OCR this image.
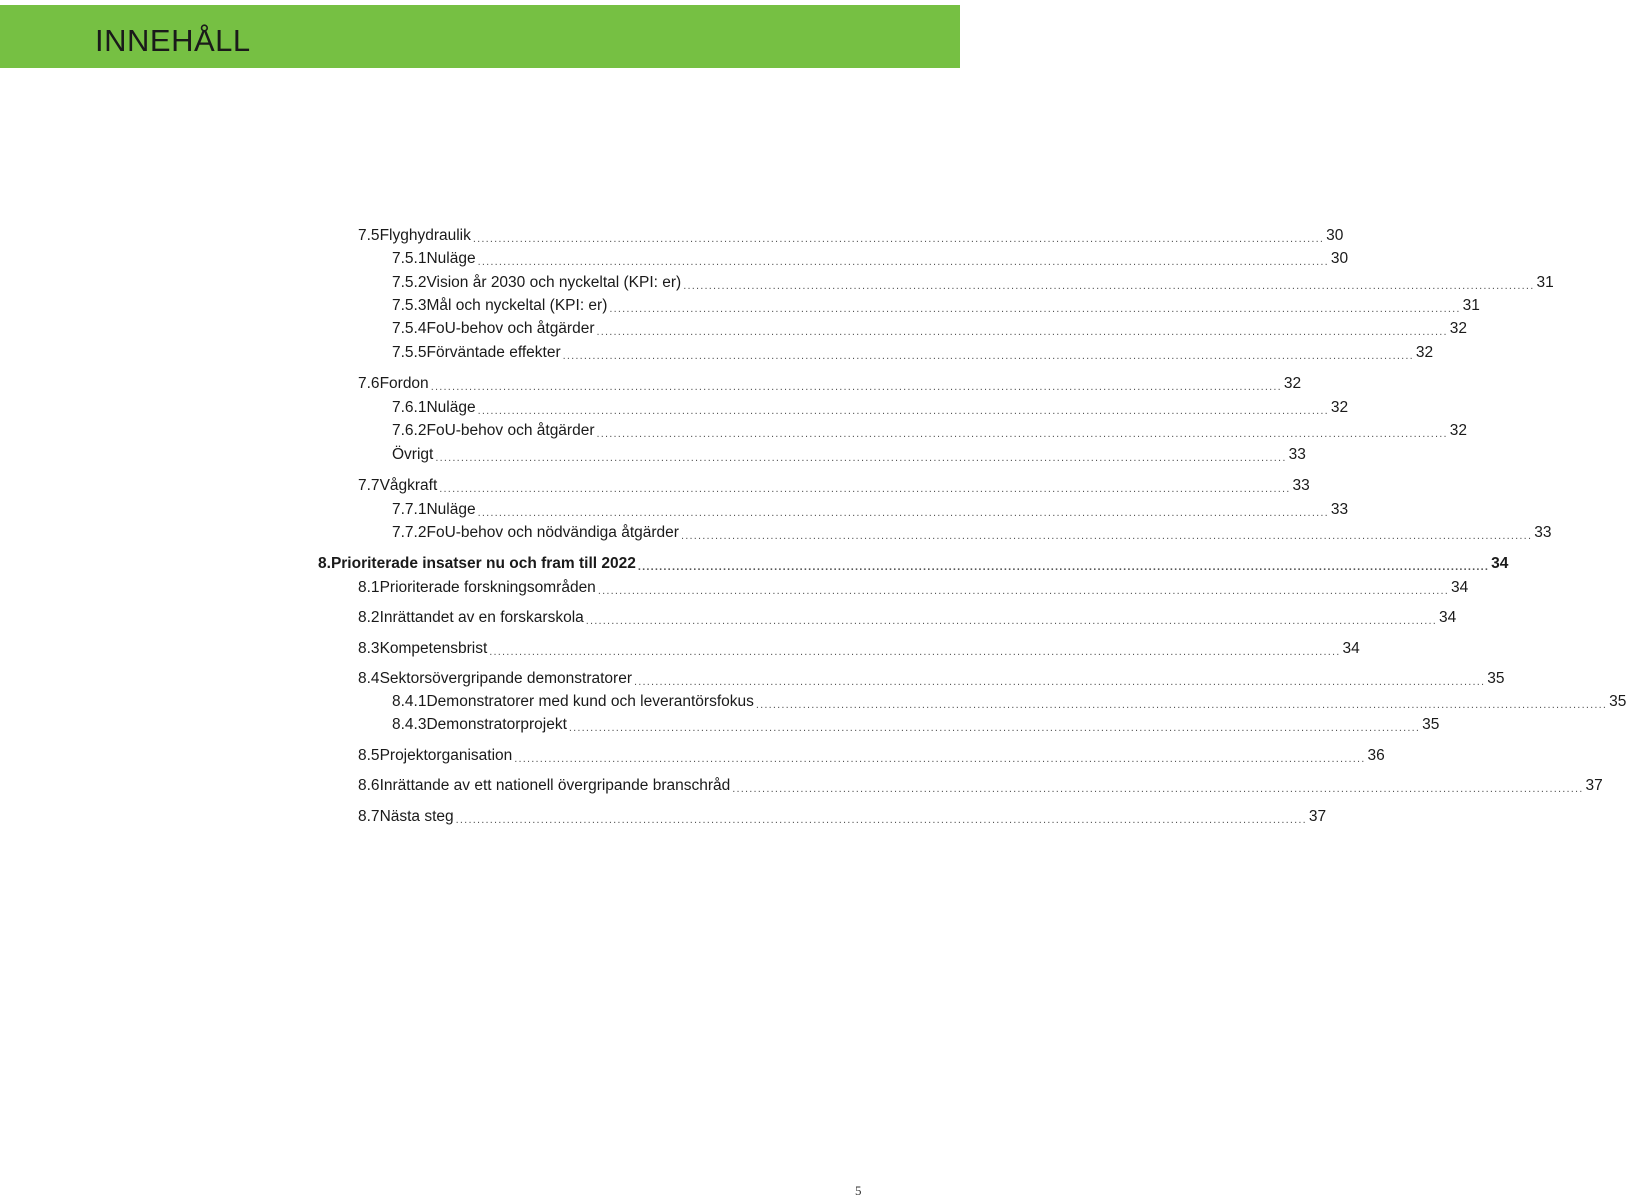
INNEHÅLL
7.5 Flyghydraulik ........................................................................................................................................................................................................ 30
7.5.1 Nuläge ........................................................................................................................................................................................................ 30
7.5.2 Vision år 2030 och nyckeltal (KPI: er) ........................................................................................................................................................................................................ 31
7.5.3 Mål och nyckeltal (KPI: er) ........................................................................................................................................................................................................ 31
7.5.4 FoU-behov och åtgärder ........................................................................................................................................................................................................ 32
7.5.5 Förväntade effekter ........................................................................................................................................................................................................ 32
7.6 Fordon ........................................................................................................................................................................................................ 32
7.6.1 Nuläge ........................................................................................................................................................................................................ 32
7.6.2 FoU-behov och åtgärder ........................................................................................................................................................................................................ 32
Övrigt ........................................................................................................................................................................................................ 33
7.7 Vågkraft ........................................................................................................................................................................................................ 33
7.7.1 Nuläge ........................................................................................................................................................................................................ 33
7.7.2 FoU-behov och nödvändiga åtgärder ........................................................................................................................................................................................................ 33
8. Prioriterade insatser nu och fram till 2022 ........................................................................................................................................................................................................ 34
8.1 Prioriterade forskningsområden ........................................................................................................................................................................................................ 34
8.2 Inrättandet av en forskarskola ........................................................................................................................................................................................................ 34
8.3 Kompetensbrist ........................................................................................................................................................................................................ 34
8.4 Sektorsövergripande demonstratorer ........................................................................................................................................................................................................ 35
8.4.1 Demonstratorer med kund och leverantörsfokus ........................................................................................................................................................................................................ 35
8.4.3 Demonstratorprojekt ........................................................................................................................................................................................................ 35
8.5 Projektorganisation ........................................................................................................................................................................................................ 36
8.6 Inrättande av ett nationell övergripande branschråd ........................................................................................................................................................................................................ 37
8.7 Nästa steg ........................................................................................................................................................................................................ 37
5
